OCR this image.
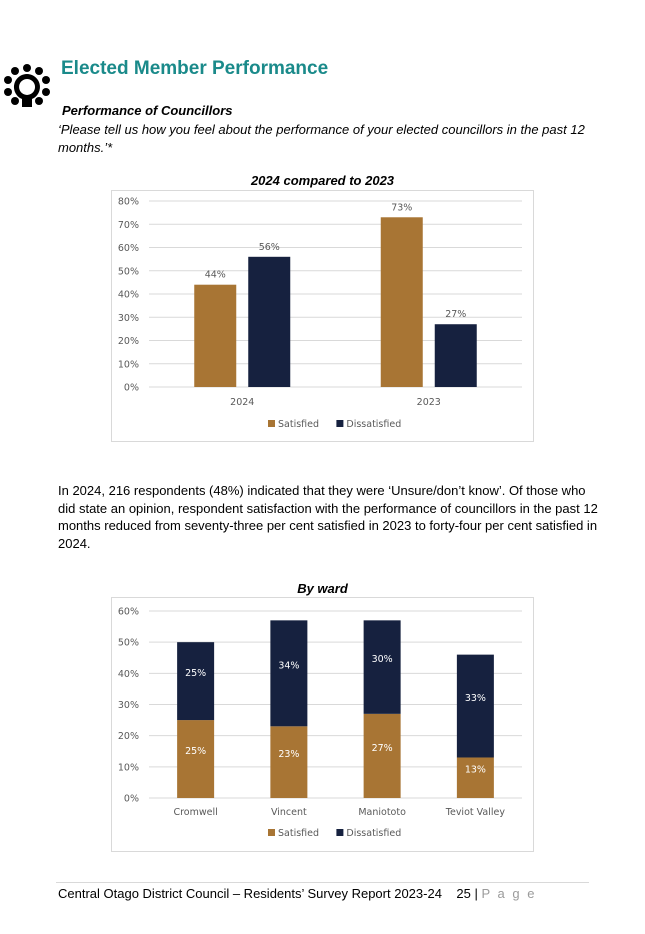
Elected Member Performance
Performance of Councillors
‘Please tell us how you feel about the performance of your elected councillors in the past 12 months.’*
2024 compared to 2023
0%
10%
20%
30%
40%
50%
60%
70%
80%
2024
44%
56%
2023
73%
27%
Satisfied	Dissatisfied
In 2024, 216 respondents (48%) indicated that they were ‘Unsure/don’t know’. Of those who did state an opinion, respondent satisfaction with the performance of councillors in the past 12 months reduced from seventy-three per cent satisfied in 2023 to forty-four per cent satisfied in 2024.
By ward
0%
10%
20%
30%
40%
50%
60%
Cromwell
25%
25%
Vincent
23%
34%
Maniototo
27%
30%
Teviot Valley
13%
33%
Satisfied	Dissatisfied
Central Otago District Council – Residents’ Survey Report 2023-24 25 | P a g e
